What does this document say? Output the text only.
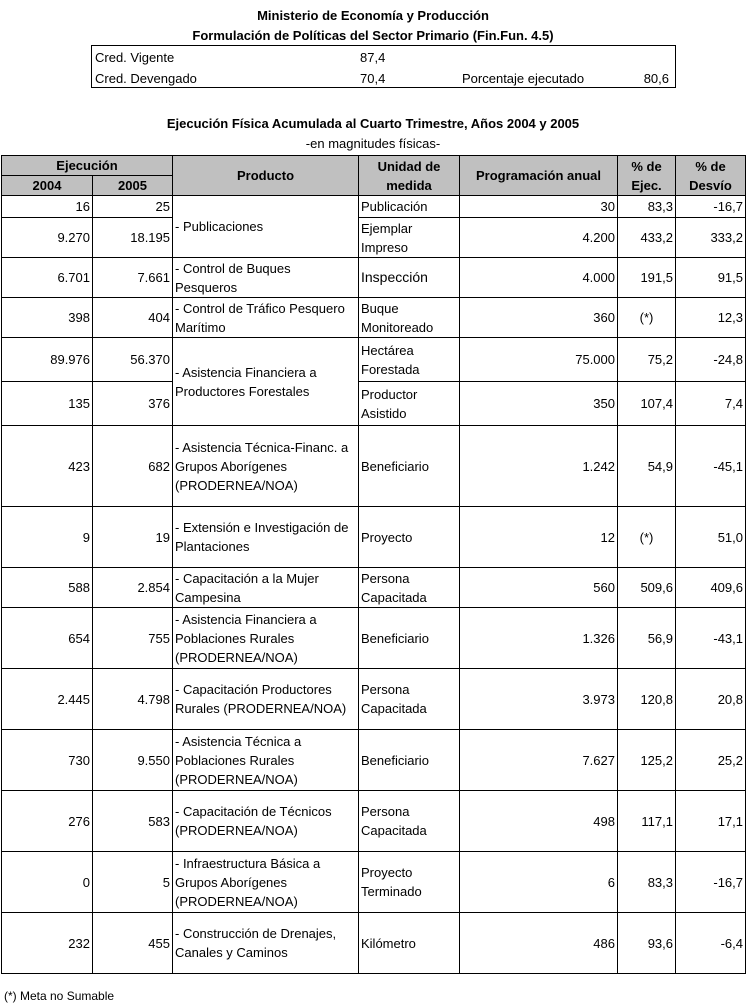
Ministerio de Economía y Producción
Formulación de Políticas del Sector Primario (Fin.Fun. 4.5)
Cred. Vigente	87,4
Cred. Devengado	70,4	Porcentaje ejecutado	80,6
Ejecución Física Acumulada al Cuarto Trimestre, Años 2004 y 2005
-en magnitudes físicas-
Ejecución		Producto	Unidad de medida	Programación anual	% de Ejec.	% de Desvío
2004	2005					
16	25	- Publicaciones	Publicación	30	83,3	-16,7
9.270	18.195		Ejemplar Impreso	4.200	433,2	333,2
6.701	7.661	- Control de Buques Pesqueros	Inspección	4.000	191,5	91,5
398	404	- Control de Tráfico Pesquero Marítimo	Buque Monitoreado	360	(*)	12,3
89.976	56.370	- Asistencia Financiera a Productores Forestales	Hectárea Forestada	75.000	75,2	-24,8
135	376		Productor Asistido	350	107,4	7,4
423	682	- Asistencia Técnica-Financ. a Grupos Aborígenes (PRODERNEA/NOA)	Beneficiario	1.242	54,9	-45,1
9	19	- Extensión e Investigación de Plantaciones	Proyecto	12	(*)	51,0
588	2.854	- Capacitación a la Mujer Campesina	Persona Capacitada	560	509,6	409,6
654	755	- Asistencia Financiera a Poblaciones Rurales (PRODERNEA/NOA)	Beneficiario	1.326	56,9	-43,1
2.445	4.798	- Capacitación Productores Rurales (PRODERNEA/NOA)	Persona Capacitada	3.973	120,8	20,8
730	9.550	- Asistencia Técnica a Poblaciones Rurales (PRODERNEA/NOA)	Beneficiario	7.627	125,2	25,2
276	583	- Capacitación de Técnicos (PRODERNEA/NOA)	Persona Capacitada	498	117,1	17,1
0	5	- Infraestructura Básica a Grupos Aborígenes (PRODERNEA/NOA)	Proyecto Terminado	6	83,3	-16,7
232	455	- Construcción de Drenajes, Canales y Caminos	Kilómetro	486	93,6	-6,4
(*) Meta no Sumable
